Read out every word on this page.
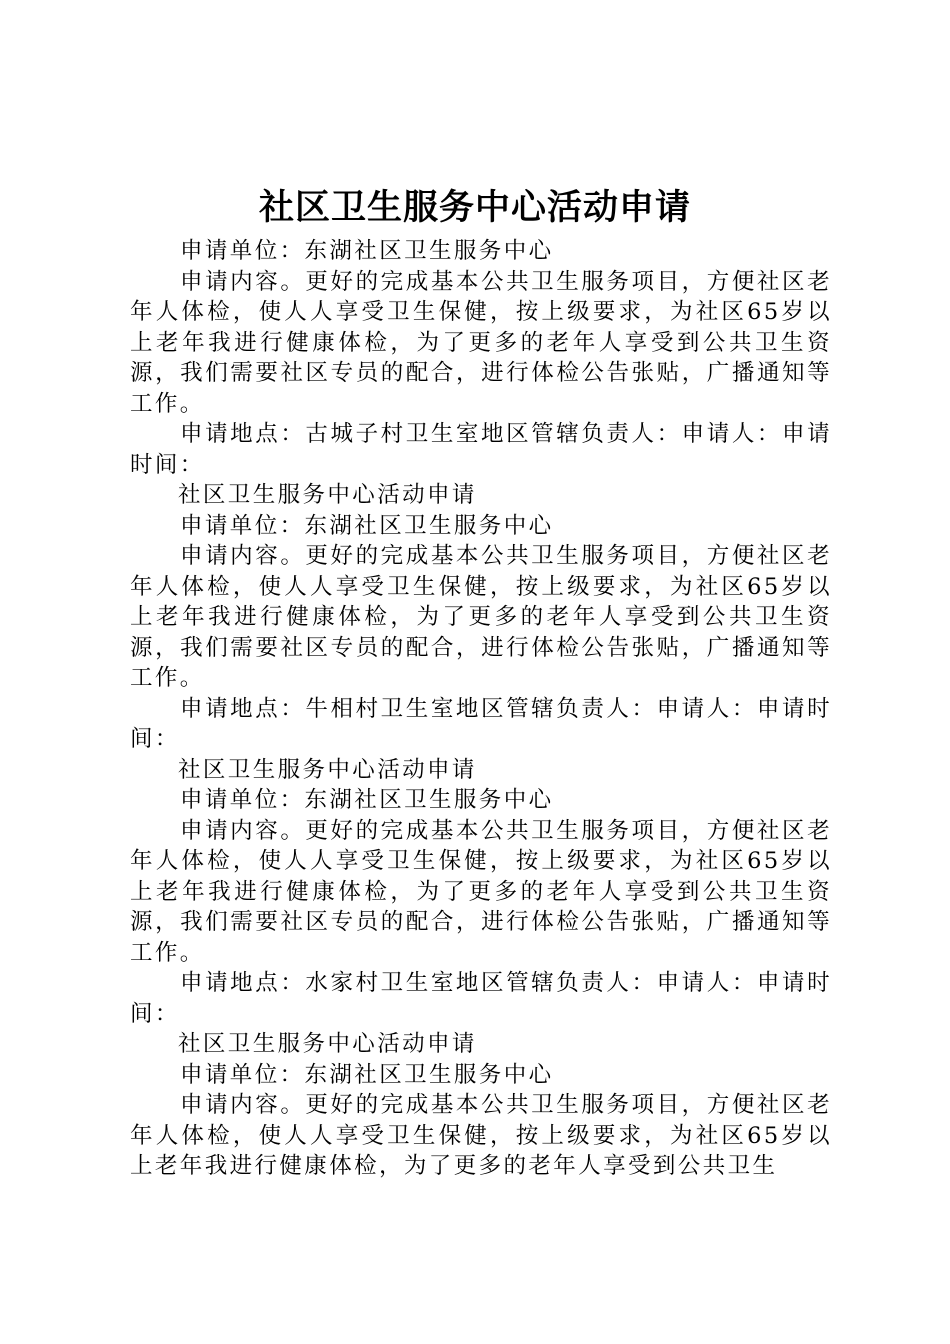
社区卫生服务中心活动申请

申请单位：东湖社区卫生服务中心

申请内容。更好的完成基本公共卫生服务项目，方便社区老年人体检，使人人享受卫生保健，按上级要求，为社区65岁以上老年我进行健康体检，为了更多的老年人享受到公共卫生资源，我们需要社区专员的配合，进行体检公告张贴，广播通知等工作。

申请地点：古城子村卫生室地区管辖负责人：申请人：申请时间：

社区卫生服务中心活动申请

申请单位：东湖社区卫生服务中心

申请内容。更好的完成基本公共卫生服务项目，方便社区老年人体检，使人人享受卫生保健，按上级要求，为社区65岁以上老年我进行健康体检，为了更多的老年人享受到公共卫生资源，我们需要社区专员的配合，进行体检公告张贴，广播通知等工作。

申请地点：牛相村卫生室地区管辖负责人：申请人：申请时间：

社区卫生服务中心活动申请

申请单位：东湖社区卫生服务中心

申请内容。更好的完成基本公共卫生服务项目，方便社区老年人体检，使人人享受卫生保健，按上级要求，为社区65岁以上老年我进行健康体检，为了更多的老年人享受到公共卫生资源，我们需要社区专员的配合，进行体检公告张贴，广播通知等工作。

申请地点：水家村卫生室地区管辖负责人：申请人：申请时间：

社区卫生服务中心活动申请

申请单位：东湖社区卫生服务中心

申请内容。更好的完成基本公共卫生服务项目，方便社区老年人体检，使人人享受卫生保健，按上级要求，为社区65岁以上老年我进行健康体检，为了更多的老年人享受到公共卫生
